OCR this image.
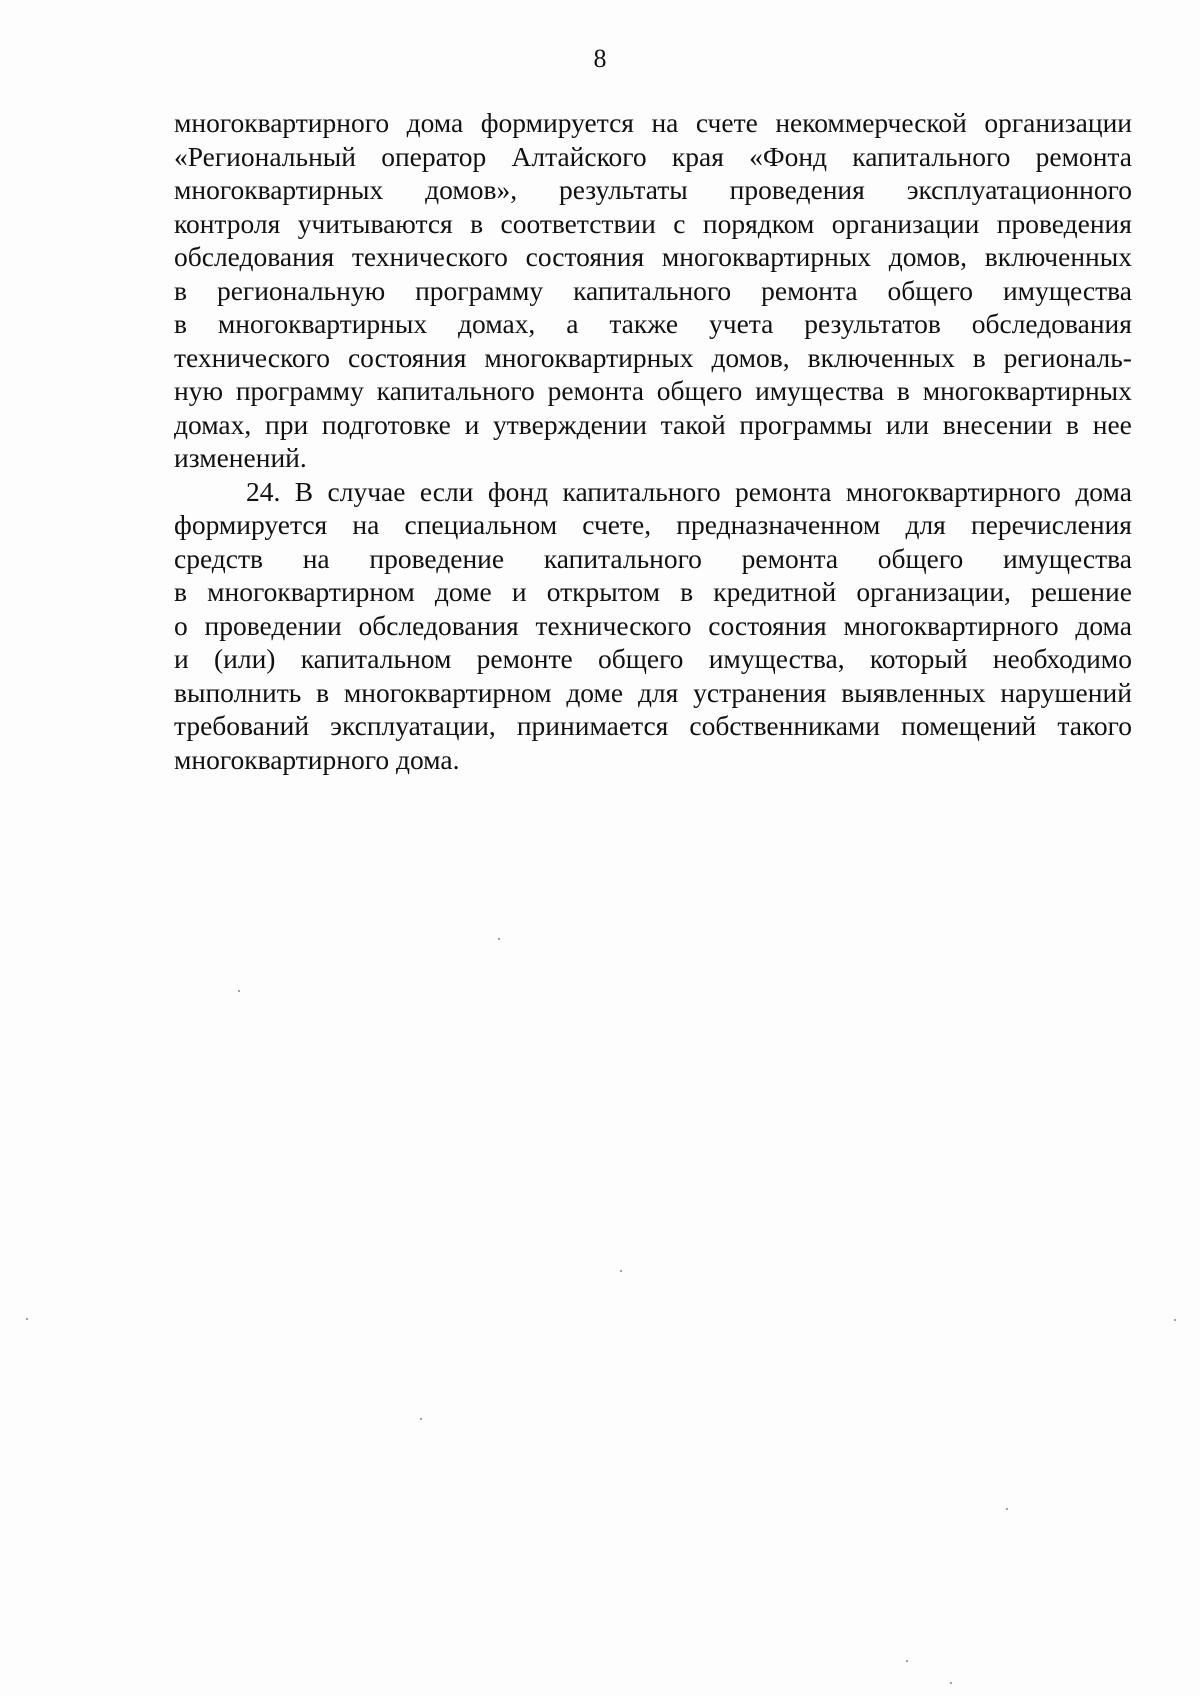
8
многоквартирного дома формируется на счете некоммерческой организации
«Региональный оператор Алтайского края «Фонд капитального ремонта
многоквартирных домов», результаты проведения эксплуатационного
контроля учитываются в соответствии с порядком организации проведения
обследования технического состояния многоквартирных домов, включенных
в региональную программу капитального ремонта общего имущества
в многоквартирных домах, а также учета результатов обследования
технического состояния многоквартирных домов, включенных в региональ-
ную программу капитального ремонта общего имущества в многоквартирных
домах, при подготовке и утверждении такой программы или внесении в нее
изменений.
24. В случае если фонд капитального ремонта многоквартирного дома
формируется на специальном счете, предназначенном для перечисления
средств на проведение капитального ремонта общего имущества
в многоквартирном доме и открытом в кредитной организации, решение
о проведении обследования технического состояния многоквартирного дома
и (или) капитальном ремонте общего имущества, который необходимо
выполнить в многоквартирном доме для устранения выявленных нарушений
требований эксплуатации, принимается собственниками помещений такого
многоквартирного дома.
